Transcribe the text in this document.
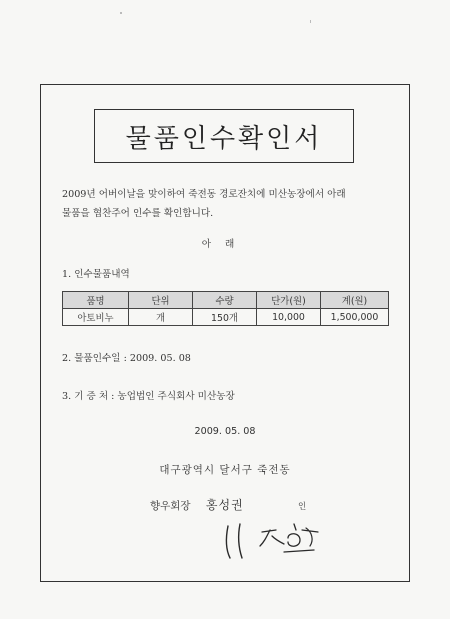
물품인수확인서
2009년 어버이날을 맞이하여 죽전동 경로잔치에 미산농장에서 아래
물품을 협찬주어 인수를 확인합니다.
아래
1. 인수물품내역
품명	단위	수량	단가(원)	계(원)
아토비누	개	150개	10,000	1,500,000
2. 물품인수일 : 2009. 05. 08
3. 기 증 처 : 농업법인 주식회사 미산농장
2009. 05. 08
대구광역시 달서구 죽전동
향우회장 홍성권	인
